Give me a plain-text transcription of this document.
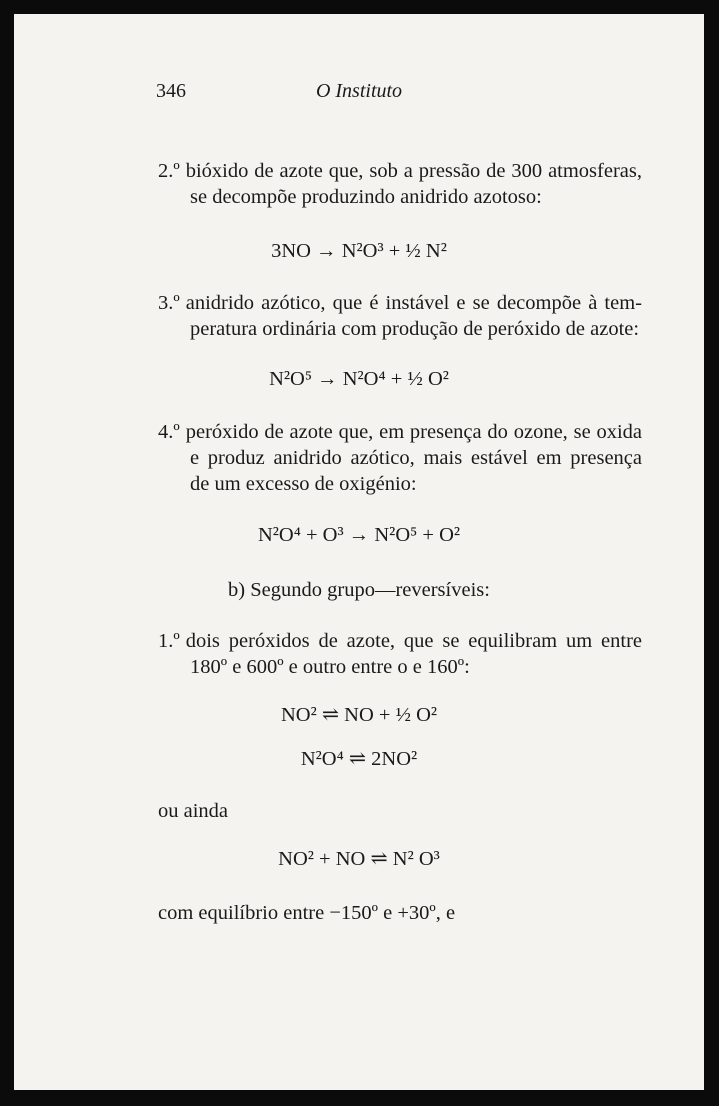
346	O Instituto
2.º bióxido de azote que, sob a pressão de 300 atmosferas,
se decompõe produzindo anidrido azotoso:
3NO → N²O³ + ½ N²
3.º anidrido azótico, que é instável e se decompõe à tem-
peratura ordinária com produção de peróxido de azote:
N²O⁵ → N²O⁴ + ½ O²
4.º peróxido de azote que, em presença do ozone, se oxida
e produz anidrido azótico, mais estável em presença
de um excesso de oxigénio:
N²O⁴ + O³ → N²O⁵ + O²
b) Segundo grupo—reversíveis:
1.º dois peróxidos de azote, que se equilibram um entre
180º e 600º e outro entre o e 160º:
NO² ⇌ NO + ½ O²
N²O⁴ ⇌ 2NO²
ou ainda
NO² + NO ⇌ N² O³
com equilíbrio entre −150º e +30º, e
